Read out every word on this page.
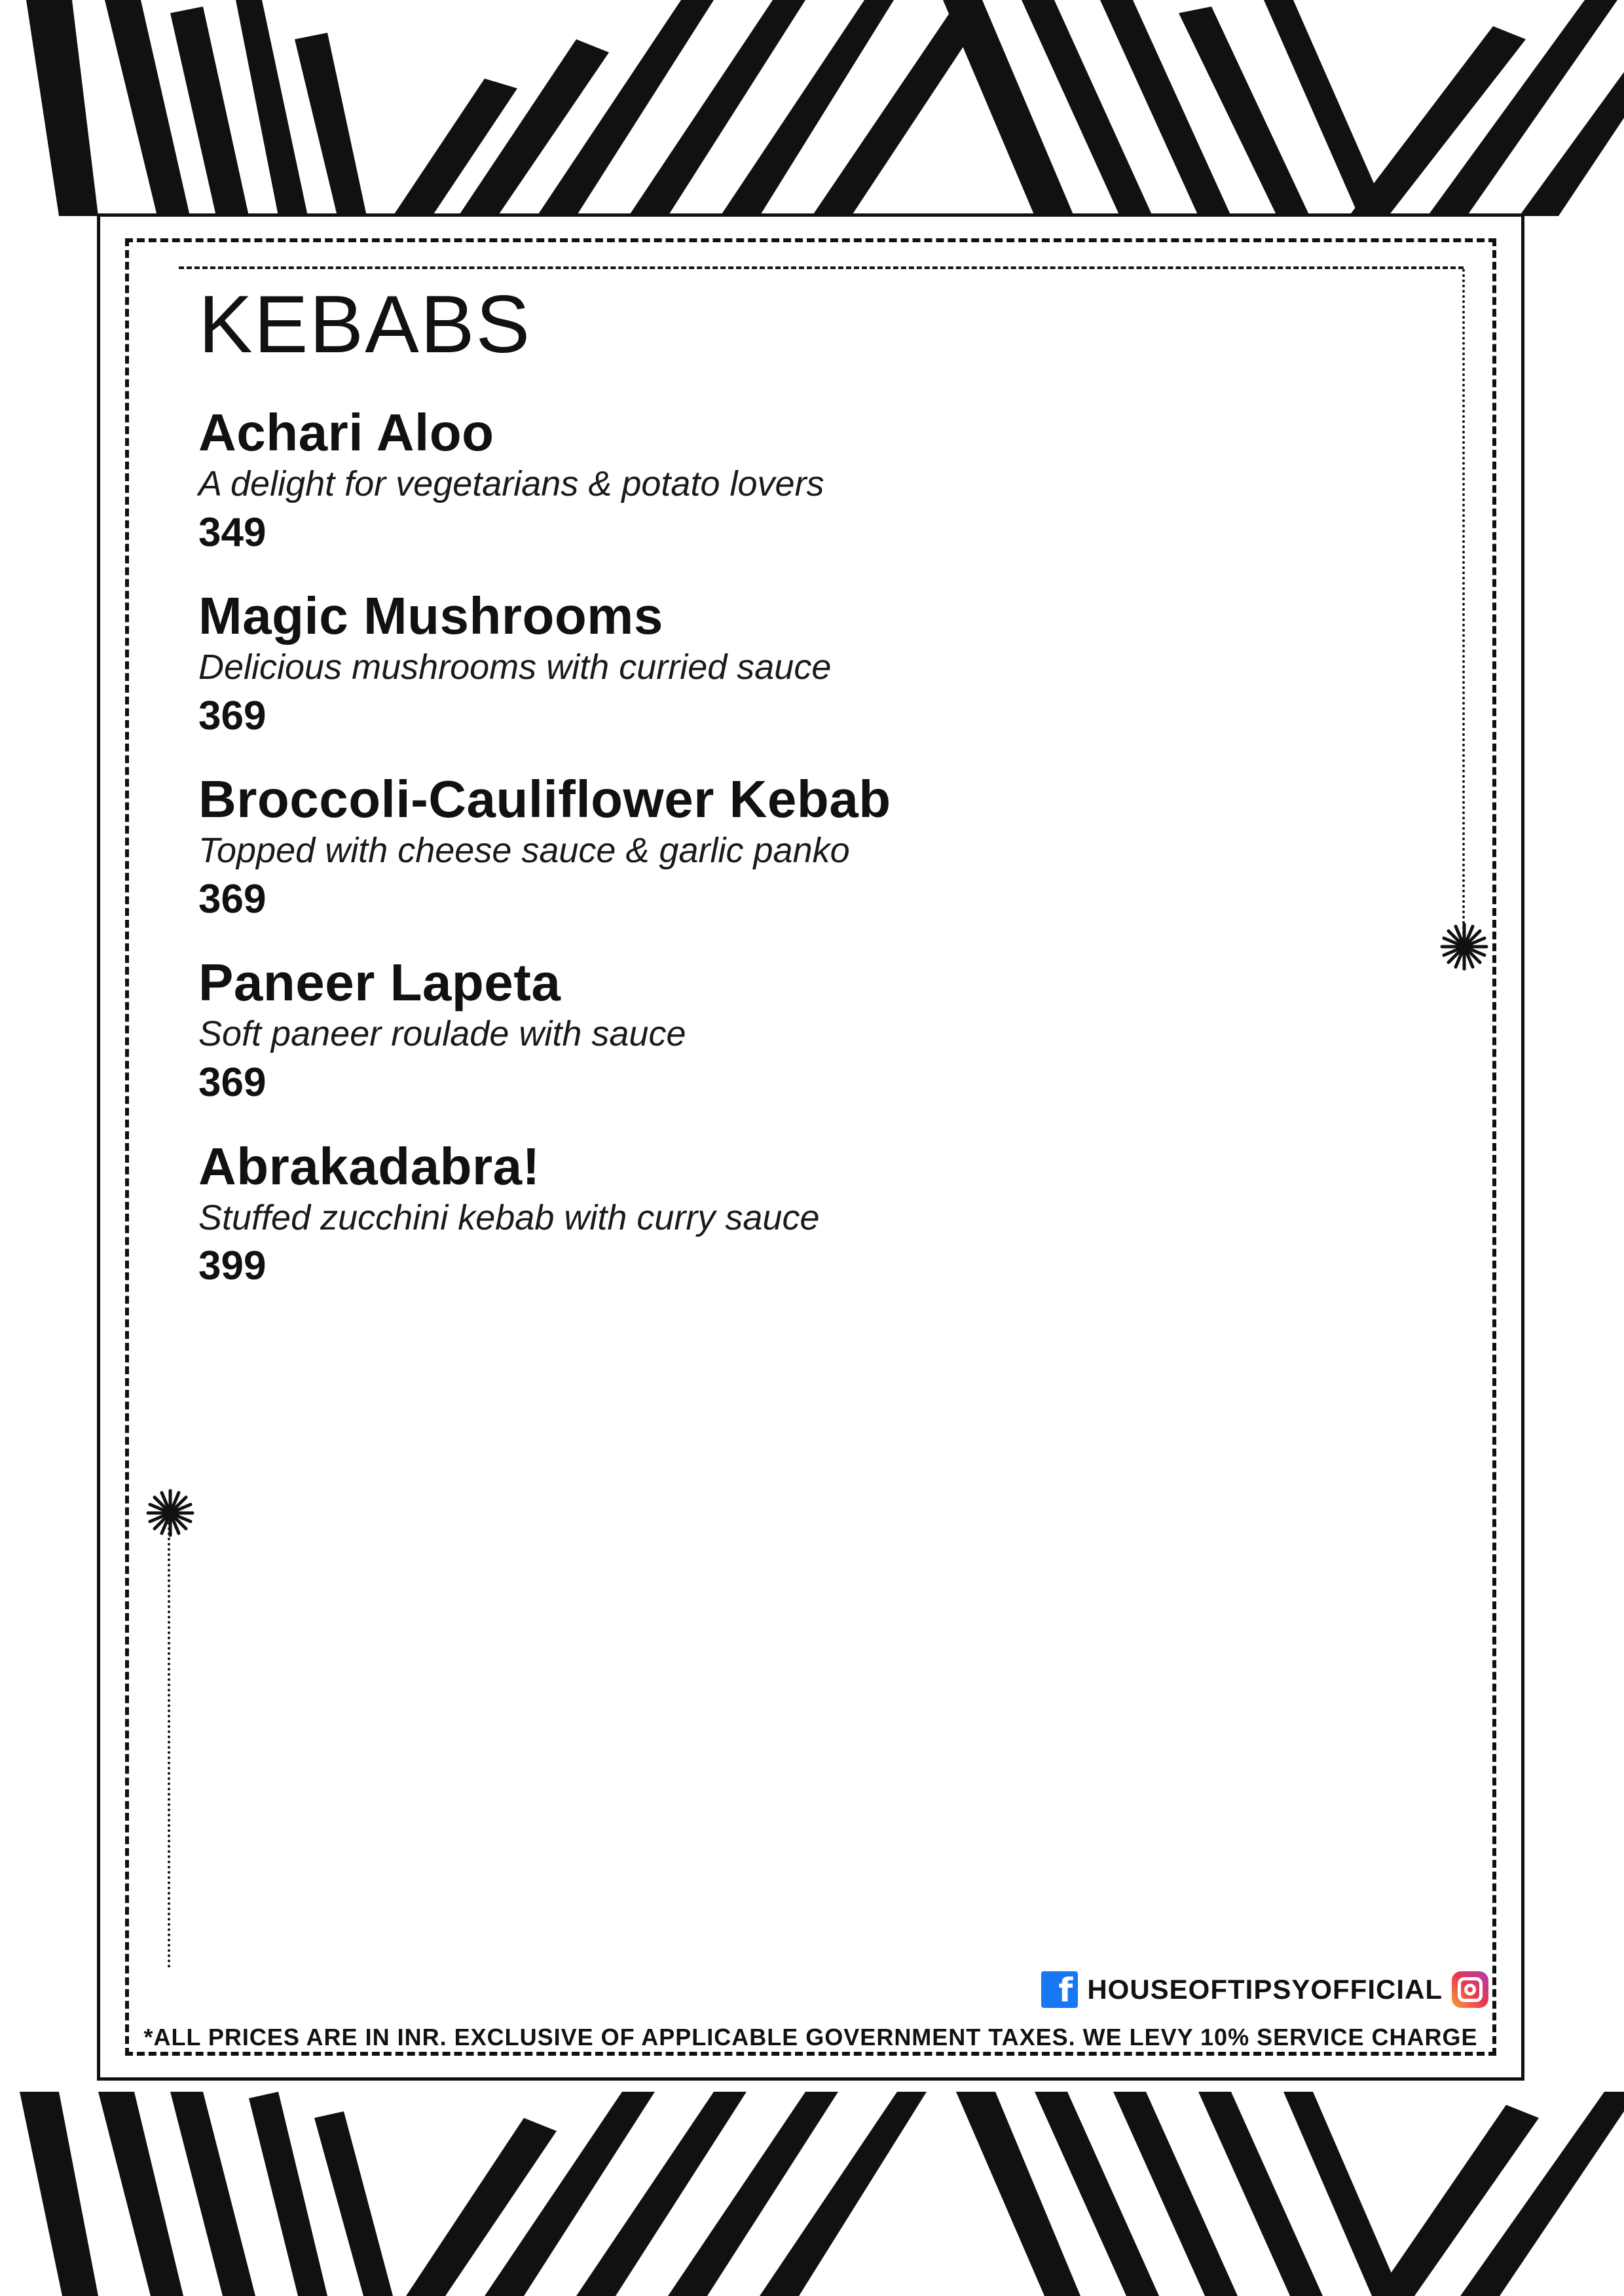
KEBABS
Achari Aloo
A delight for vegetarians & potato lovers
349
Magic Mushrooms
Delicious mushrooms with curried sauce
369
Broccoli-Cauliflower Kebab
Topped with cheese sauce & garlic panko
369
Paneer Lapeta
Soft paneer roulade with sauce
369
Abrakadabra!
Stuffed zucchini kebab with curry sauce
399
f HOUSEOFTIPSYOFFICIAL
*ALL PRICES ARE IN INR. EXCLUSIVE OF APPLICABLE GOVERNMENT TAXES. WE LEVY 10% SERVICE CHARGE
